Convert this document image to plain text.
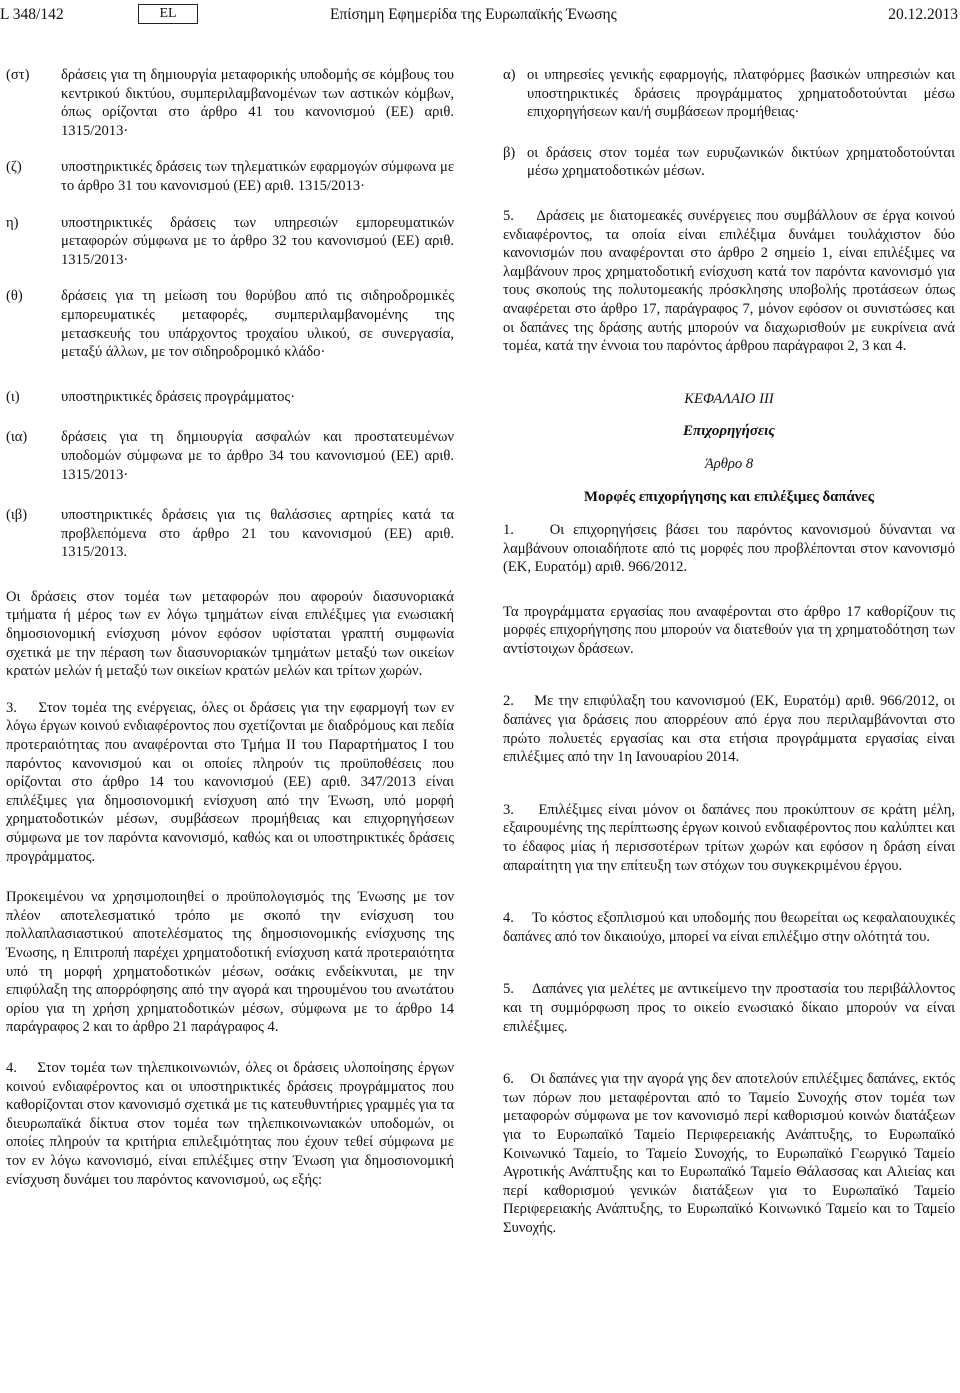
L 348/142	EL	Επίσημη Εφημερίδα της Ευρωπαϊκής Ένωσης	20.12.2013
(στ)	δράσεις για τη δημιουργία μεταφορικής υποδομής σε κόμβους του κεντρικού δικτύου, συμπεριλαμβανομένων των αστικών κόμβων, όπως ορίζονται στο άρθρο 41 του κανονισμού (ΕΕ) αριθ. 1315/2013·
(ζ)	υποστηρικτικές δράσεις των τηλεματικών εφαρμογών σύμφωνα με το άρθρο 31 του κανονισμού (ΕΕ) αριθ. 1315/2013·
η)	υποστηρικτικές δράσεις των υπηρεσιών εμπορευματικών μεταφορών σύμφωνα με το άρθρο 32 του κανονισμού (ΕΕ) αριθ. 1315/2013·
(θ)	δράσεις για τη μείωση του θορύβου από τις σιδηροδρομικές εμπορευματικές μεταφορές, συμπεριλαμβανομένης της μετασκευής του υπάρχοντος τροχαίου υλικού, σε συνεργασία, μεταξύ άλλων, με τον σιδηροδρομικό κλάδο·
(ι)	υποστηρικτικές δράσεις προγράμματος·
(ια)	δράσεις για τη δημιουργία ασφαλών και προστατευμένων υποδομών σύμφωνα με το άρθρο 34 του κανονισμού (ΕΕ) αριθ. 1315/2013·
(ιβ)	υποστηρικτικές δράσεις για τις θαλάσσιες αρτηρίες κατά τα προβλεπόμενα στο άρθρο 21 του κανονισμού (ΕΕ) αριθ. 1315/2013.

Οι δράσεις στον τομέα των μεταφορών που αφορούν διασυνοριακά τμήματα ή μέρος των εν λόγω τμημάτων είναι επιλέξιμες για ενωσιακή δημοσιονομική ενίσχυση μόνον εφόσον υφίσταται γραπτή συμφωνία σχετικά με την πέραση των διασυνοριακών τμημάτων μεταξύ των οικείων κρατών μελών ή μεταξύ των οικείων κρατών μελών και τρίτων χωρών.

3. Στον τομέα της ενέργειας, όλες οι δράσεις για την εφαρμογή των εν λόγω έργων κοινού ενδιαφέροντος που σχετίζονται με διαδρόμους και πεδία προτεραιότητας που αναφέρονται στο Τμήμα ΙΙ του Παραρτήματος Ι του παρόντος κανονισμού και οι οποίες πληρούν τις προϋποθέσεις που ορίζονται στο άρθρο 14 του κανονισμού (ΕΕ) αριθ. 347/2013 είναι επιλέξιμες για δημοσιονομική ενίσχυση από την Ένωση, υπό μορφή χρηματοδοτικών μέσων, συμβάσεων προμήθειας και επιχορηγήσεων σύμφωνα με τον παρόντα κανονισμό, καθώς και οι υποστηρικτικές δράσεις προγράμματος.

Προκειμένου να χρησιμοποιηθεί ο προϋπολογισμός της Ένωσης με τον πλέον αποτελεσματικό τρόπο με σκοπό την ενίσχυση του πολλαπλασιαστικού αποτελέσματος της δημοσιονομικής ενίσχυσης της Ένωσης, η Επιτροπή παρέχει χρηματοδοτική ενίσχυση κατά προτεραιότητα υπό τη μορφή χρηματοδοτικών μέσων, οσάκις ενδείκνυται, με την επιφύλαξη της απορρόφησης από την αγορά και τηρουμένου του ανωτάτου ορίου για τη χρήση χρηματοδοτικών μέσων, σύμφωνα με το άρθρο 14 παράγραφος 2 και το άρθρο 21 παράγραφος 4.

4. Στον τομέα των τηλεπικοινωνιών, όλες οι δράσεις υλοποίησης έργων κοινού ενδιαφέροντος και οι υποστηρικτικές δράσεις προγράμματος που καθορίζονται στον κανονισμό σχετικά με τις κατευθυντήριες γραμμές για τα διευρωπαϊκά δίκτυα στον τομέα των τηλεπικοινωνιακών υποδομών, οι οποίες πληρούν τα κριτήρια επιλεξιμότητας που έχουν τεθεί σύμφωνα με τον εν λόγω κανονισμό, είναι επιλέξιμες στην Ένωση για δημοσιονομική ενίσχυση δυνάμει του παρόντος κανονισμού, ως εξής:

α) οι υπηρεσίες γενικής εφαρμογής, πλατφόρμες βασικών υπηρεσιών και υποστηρικτικές δράσεις προγράμματος χρηματοδοτούνται μέσω επιχορηγήσεων και/ή συμβάσεων προμήθειας·
β) οι δράσεις στον τομέα των ευρυζωνικών δικτύων χρηματοδοτούνται μέσω χρηματοδοτικών μέσων.

5. Δράσεις με διατομεακές συνέργειες που συμβάλλουν σε έργα κοινού ενδιαφέροντος, τα οποία είναι επιλέξιμα δυνάμει τουλάχιστον δύο κανονισμών που αναφέρονται στο άρθρο 2 σημείο 1, είναι επιλέξιμες να λαμβάνουν προς χρηματοδοτική ενίσχυση κατά τον παρόντα κανονισμό για τους σκοπούς της πολυτομεακής πρόσκλησης υποβολής προτάσεων όπως αναφέρεται στο άρθρο 17, παράγραφος 7, μόνον εφόσον οι συνιστώσες και οι δαπάνες της δράσης αυτής μπορούν να διαχωρισθούν με ευκρίνεια ανά τομέα, κατά την έννοια του παρόντος άρθρου παράγραφοι 2, 3 και 4.

ΚΕΦΑΛΑΙΟ ΙΙΙ
Επιχορηγήσεις
Άρθρο 8
Μορφές επιχορήγησης και επιλέξιμες δαπάνες

1. Οι επιχορηγήσεις βάσει του παρόντος κανονισμού δύνανται να λαμβάνουν οποιαδήποτε από τις μορφές που προβλέπονται στον κανονισμό (ΕΚ, Ευρατόμ) αριθ. 966/2012.

Τα προγράμματα εργασίας που αναφέρονται στο άρθρο 17 καθορίζουν τις μορφές επιχορήγησης που μπορούν να διατεθούν για τη χρηματοδότηση των αντίστοιχων δράσεων.

2. Με την επιφύλαξη του κανονισμού (ΕΚ, Ευρατόμ) αριθ. 966/2012, οι δαπάνες για δράσεις που απορρέουν από έργα που περιλαμβάνονται στο πρώτο πολυετές εργασίας και στα ετήσια προγράμματα εργασίας είναι επιλέξιμες από την 1η Ιανουαρίου 2014.

3. Επιλέξιμες είναι μόνον οι δαπάνες που προκύπτουν σε κράτη μέλη, εξαιρουμένης της περίπτωσης έργων κοινού ενδιαφέροντος που καλύπτει και το έδαφος μίας ή περισσοτέρων τρίτων χωρών και εφόσον η δράση είναι απαραίτητη για την επίτευξη των στόχων του συγκεκριμένου έργου.

4. Το κόστος εξοπλισμού και υποδομής που θεωρείται ως κεφαλαιουχικές δαπάνες από τον δικαιούχο, μπορεί να είναι επιλέξιμο στην ολότητά του.

5. Δαπάνες για μελέτες με αντικείμενο την προστασία του περιβάλλοντος και τη συμμόρφωση προς το οικείο ενωσιακό δίκαιο μπορούν να είναι επιλέξιμες.

6. Οι δαπάνες για την αγορά γης δεν αποτελούν επιλέξιμες δαπάνες, εκτός των πόρων που μεταφέρονται από το Ταμείο Συνοχής στον τομέα των μεταφορών σύμφωνα με τον κανονισμό περί καθορισμού κοινών διατάξεων για το Ευρωπαϊκό Ταμείο Περιφερειακής Ανάπτυξης, το Ευρωπαϊκό Κοινωνικό Ταμείο, το Ταμείο Συνοχής, το Ευρωπαϊκό Γεωργικό Ταμείο Αγροτικής Ανάπτυξης και το Ευρωπαϊκό Ταμείο Θάλασσας και Αλιείας και περί καθορισμού γενικών διατάξεων για το Ευρωπαϊκό Ταμείο Περιφερειακής Ανάπτυξης, το Ευρωπαϊκό Κοινωνικό Ταμείο και το Ταμείο Συνοχής.
